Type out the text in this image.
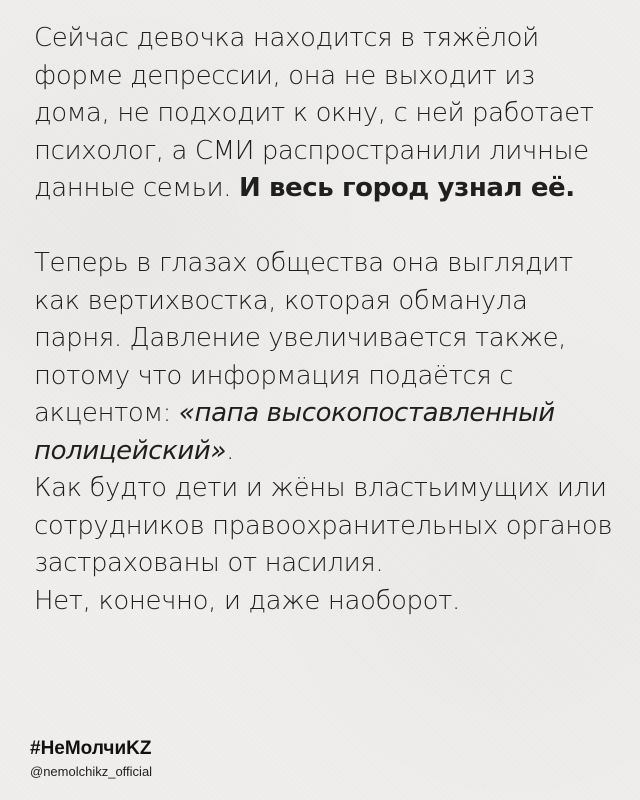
Сейчас девочка находится в тяжёлой форме депрессии, она не выходит из дома, не подходит к окну, с ней работает психолог, а СМИ распространили личные данные семьи. И весь город узнал её.

Теперь в глазах общества она выглядит как вертихвостка, которая обманула парня. Давление увеличивается также, потому что информация подаётся с акцентом: «папа высокопоставленный полицейский».

Как будто дети и жёны властьимущих или сотрудников правоохранительных органов застрахованы от насилия.

Нет, конечно, и даже наоборот.

#НеМолчиKZ

@nemolchikz_official
